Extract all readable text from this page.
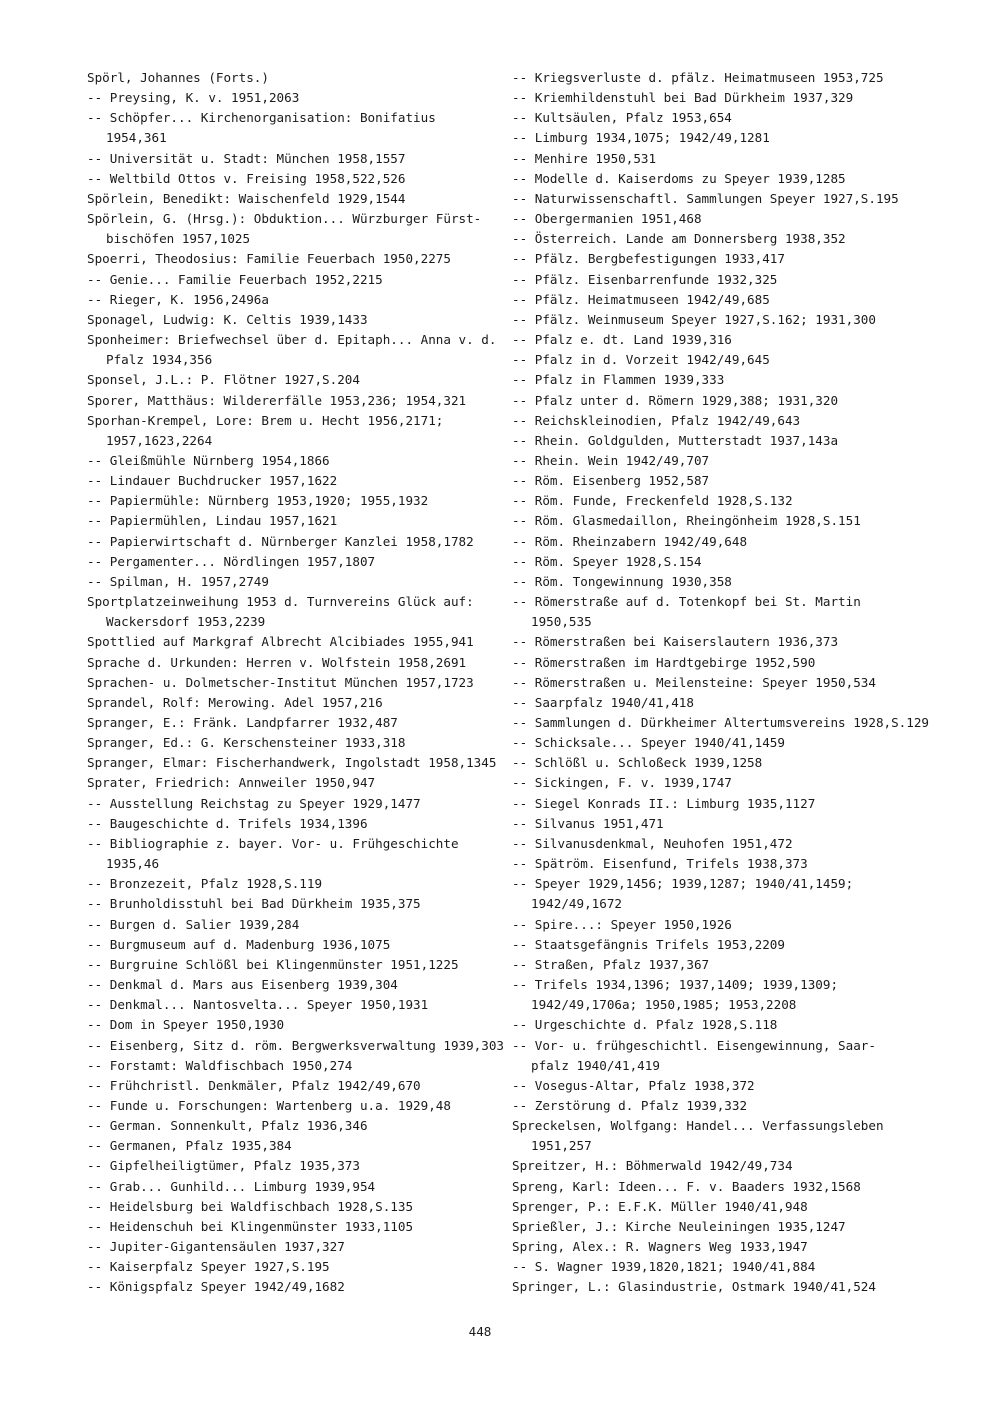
Spörl, Johannes (Forts.)
-- Preysing, K. v. 1951,2063
-- Schöpfer... Kirchenorganisation: Bonifatius
1954,361
-- Universität u. Stadt: München 1958,1557
-- Weltbild Ottos v. Freising 1958,522,526
Spörlein, Benedikt: Waischenfeld 1929,1544
Spörlein, G. (Hrsg.): Obduktion... Würzburger Fürst-
bischöfen 1957,1025
Spoerri, Theodosius: Familie Feuerbach 1950,2275
-- Genie... Familie Feuerbach 1952,2215
-- Rieger, K. 1956,2496a
Sponagel, Ludwig: K. Celtis 1939,1433
Sponheimer: Briefwechsel über d. Epitaph... Anna v. d.
Pfalz 1934,356
Sponsel, J.L.: P. Flötner 1927,S.204
Sporer, Matthäus: Wildererfälle 1953,236; 1954,321
Sporhan-Krempel, Lore: Brem u. Hecht 1956,2171;
1957,1623,2264
-- Gleißmühle Nürnberg 1954,1866
-- Lindauer Buchdrucker 1957,1622
-- Papiermühle: Nürnberg 1953,1920; 1955,1932
-- Papiermühlen, Lindau 1957,1621
-- Papierwirtschaft d. Nürnberger Kanzlei 1958,1782
-- Pergamenter... Nördlingen 1957,1807
-- Spilman, H. 1957,2749
Sportplatzeinweihung 1953 d. Turnvereins Glück auf:
Wackersdorf 1953,2239
Spottlied auf Markgraf Albrecht Alcibiades 1955,941
Sprache d. Urkunden: Herren v. Wolfstein 1958,2691
Sprachen- u. Dolmetscher-Institut München 1957,1723
Sprandel, Rolf: Merowing. Adel 1957,216
Spranger, E.: Fränk. Landpfarrer 1932,487
Spranger, Ed.: G. Kerschensteiner 1933,318
Spranger, Elmar: Fischerhandwerk, Ingolstadt 1958,1345
Sprater, Friedrich: Annweiler 1950,947
-- Ausstellung Reichstag zu Speyer 1929,1477
-- Baugeschichte d. Trifels 1934,1396
-- Bibliographie z. bayer. Vor- u. Frühgeschichte
1935,46
-- Bronzezeit, Pfalz 1928,S.119
-- Brunholdisstuhl bei Bad Dürkheim 1935,375
-- Burgen d. Salier 1939,284
-- Burgmuseum auf d. Madenburg 1936,1075
-- Burgruine Schlößl bei Klingenmünster 1951,1225
-- Denkmal d. Mars aus Eisenberg 1939,304
-- Denkmal... Nantosvelta... Speyer 1950,1931
-- Dom in Speyer 1950,1930
-- Eisenberg, Sitz d. röm. Bergwerksverwaltung 1939,303
-- Forstamt: Waldfischbach 1950,274
-- Frühchristl. Denkmäler, Pfalz 1942/49,670
-- Funde u. Forschungen: Wartenberg u.a. 1929,48
-- German. Sonnenkult, Pfalz 1936,346
-- Germanen, Pfalz 1935,384
-- Gipfelheiligtümer, Pfalz 1935,373
-- Grab... Gunhild... Limburg 1939,954
-- Heidelsburg bei Waldfischbach 1928,S.135
-- Heidenschuh bei Klingenmünster 1933,1105
-- Jupiter-Gigantensäulen 1937,327
-- Kaiserpfalz Speyer 1927,S.195
-- Königspfalz Speyer 1942/49,1682
-- Kriegsverluste d. pfälz. Heimatmuseen 1953,725
-- Kriemhildenstuhl bei Bad Dürkheim 1937,329
-- Kultsäulen, Pfalz 1953,654
-- Limburg 1934,1075; 1942/49,1281
-- Menhire 1950,531
-- Modelle d. Kaiserdoms zu Speyer 1939,1285
-- Naturwissenschaftl. Sammlungen Speyer 1927,S.195
-- Obergermanien 1951,468
-- Österreich. Lande am Donnersberg 1938,352
-- Pfälz. Bergbefestigungen 1933,417
-- Pfälz. Eisenbarrenfunde 1932,325
-- Pfälz. Heimatmuseen 1942/49,685
-- Pfälz. Weinmuseum Speyer 1927,S.162; 1931,300
-- Pfalz e. dt. Land 1939,316
-- Pfalz in d. Vorzeit 1942/49,645
-- Pfalz in Flammen 1939,333
-- Pfalz unter d. Römern 1929,388; 1931,320
-- Reichskleinodien, Pfalz 1942/49,643
-- Rhein. Goldgulden, Mutterstadt 1937,143a
-- Rhein. Wein 1942/49,707
-- Röm. Eisenberg 1952,587
-- Röm. Funde, Freckenfeld 1928,S.132
-- Röm. Glasmedaillon, Rheingönheim 1928,S.151
-- Röm. Rheinzabern 1942/49,648
-- Röm. Speyer 1928,S.154
-- Röm. Tongewinnung 1930,358
-- Römerstraße auf d. Totenkopf bei St. Martin
1950,535
-- Römerstraßen bei Kaiserslautern 1936,373
-- Römerstraßen im Hardtgebirge 1952,590
-- Römerstraßen u. Meilensteine: Speyer 1950,534
-- Saarpfalz 1940/41,418
-- Sammlungen d. Dürkheimer Altertumsvereins 1928,S.129
-- Schicksale... Speyer 1940/41,1459
-- Schlößl u. Schloßeck 1939,1258
-- Sickingen, F. v. 1939,1747
-- Siegel Konrads II.: Limburg 1935,1127
-- Silvanus 1951,471
-- Silvanusdenkmal, Neuhofen 1951,472
-- Spätröm. Eisenfund, Trifels 1938,373
-- Speyer 1929,1456; 1939,1287; 1940/41,1459;
1942/49,1672
-- Spire...: Speyer 1950,1926
-- Staatsgefängnis Trifels 1953,2209
-- Straßen, Pfalz 1937,367
-- Trifels 1934,1396; 1937,1409; 1939,1309;
1942/49,1706a; 1950,1985; 1953,2208
-- Urgeschichte d. Pfalz 1928,S.118
-- Vor- u. frühgeschichtl. Eisengewinnung, Saar-
pfalz 1940/41,419
-- Vosegus-Altar, Pfalz 1938,372
-- Zerstörung d. Pfalz 1939,332
Spreckelsen, Wolfgang: Handel... Verfassungsleben
1951,257
Spreitzer, H.: Böhmerwald 1942/49,734
Spreng, Karl: Ideen... F. v. Baaders 1932,1568
Sprenger, P.: E.F.K. Müller 1940/41,948
Sprießler, J.: Kirche Neuleiningen 1935,1247
Spring, Alex.: R. Wagners Weg 1933,1947
-- S. Wagner 1939,1820,1821; 1940/41,884
Springer, L.: Glasindustrie, Ostmark 1940/41,524
448
